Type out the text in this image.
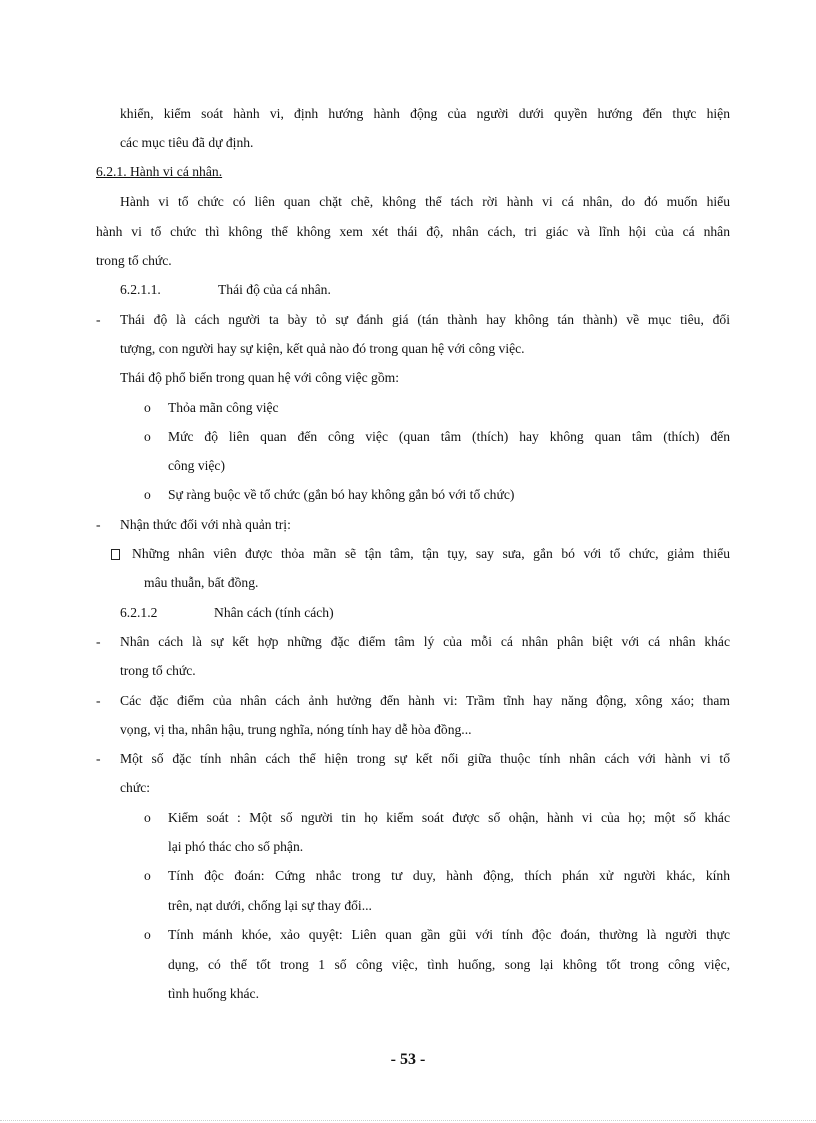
khiển, kiểm soát hành vi, định hướng hành động của người dưới quyền hướng đến thực hiện
các mục tiêu đã dự định.
6.2.1. Hành vi cá nhân.
Hành vi tổ chức có liên quan chặt chẽ, không thể tách rời hành vi cá nhân, do đó muốn hiểu
hành vi tổ chức thì không thể không xem xét thái độ, nhân cách, tri giác và lĩnh hội của cá nhân
trong tổ chức.
6.2.1.1.	Thái độ của cá nhân.
- Thái độ là cách người ta bày tỏ sự đánh giá (tán thành hay không tán thành) về mục tiêu, đối
tượng, con người hay sự kiện, kết quả nào đó trong quan hệ với công việc.
Thái độ phổ biến trong quan hệ với công việc gồm:
o Thỏa mãn công việc
o Mức độ liên quan đến công việc (quan tâm (thích) hay không quan tâm (thích) đến
công việc)
o Sự ràng buộc về tổ chức (gắn bó hay không gắn bó với tổ chức)
- Nhận thức đối với nhà quản trị:
Những nhân viên được thỏa mãn sẽ tận tâm, tận tụy, say sưa, gắn bó với tổ chức, giảm thiểu
mâu thuẫn, bất đồng.
6.2.1.2	Nhân cách (tính cách)
- Nhân cách là sự kết hợp những đặc điểm tâm lý của mỗi cá nhân phân biệt với cá nhân khác
trong tổ chức.
- Các đặc điểm của nhân cách ảnh hưởng đến hành vi: Trầm tĩnh hay năng động, xông xáo; tham
vọng, vị tha, nhân hậu, trung nghĩa, nóng tính hay dễ hòa đồng...
- Một số đặc tính nhân cách thể hiện trong sự kết nối giữa thuộc tính nhân cách với hành vi tổ
chức:
o Kiểm soát : Một số người tin họ kiểm soát được số ohận, hành vi của họ; một số khác
lại phó thác cho số phận.
o Tính độc đoán: Cứng nhắc trong tư duy, hành động, thích phán xử người khác, kính
trên, nạt dưới, chống lại sự thay đổi...
o Tính mánh khóe, xảo quyệt: Liên quan gần gũi với tính độc đoán, thường là người thực
dụng, có thể tốt trong 1 số công việc, tình huống, song lại không tốt trong công việc,
tình huống khác.
- 53 -
